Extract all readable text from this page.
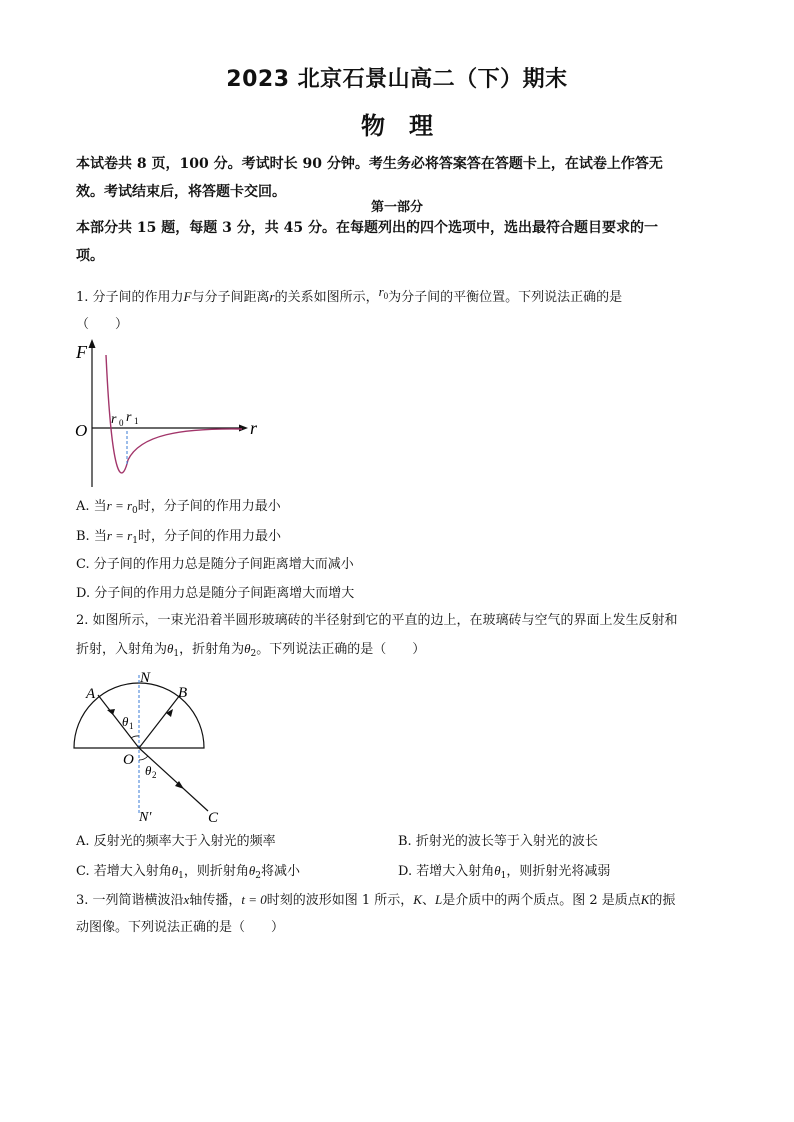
2023 北京石景山高二（下）期末
物　理
本试卷共 8 页，100 分。考试时长 90 分钟。考生务必将答案答在答题卡上，在试卷上作答无
效。考试结束后，将答题卡交回。
第一部分
本部分共 15 题，每题 3 分，共 45 分。在每题列出的四个选项中，选出最符合题目要求的一
项。
1. 分子间的作用力F与分子间距离r的关系如图所示，$r_0$为分子间的平衡位置。下列说法正确的是
（　　）
F
r
O
r 0 r 1
A. 当$r = r_0$时，分子间的作用力最小
B. 当$r = r_1$时，分子间的作用力最小
C. 分子间的作用力总是随分子间距离增大而减小
D. 分子间的作用力总是随分子间距离增大而增大
2. 如图所示，一束光沿着半圆形玻璃砖的半径射到它的平直的边上，在玻璃砖与空气的界面上发生反射和
折射，入射角为$\theta_1$，折射角为$\theta_2$。下列说法正确的是（　　）
A
N
B
O
C
N′
θ 1
θ 2
A. 反射光的频率大于入射光的频率	B. 折射光的波长等于入射光的波长
C. 若增大入射角$\theta_1$，则折射角$\theta_2$将减小	D. 若增大入射角$\theta_1$，则折射光将减弱
3. 一列简谐横波沿x轴传播，t = 0时刻的波形如图 1 所示，K、L是介质中的两个质点。图 2 是质点K的振
动图像。下列说法正确的是（　　）
